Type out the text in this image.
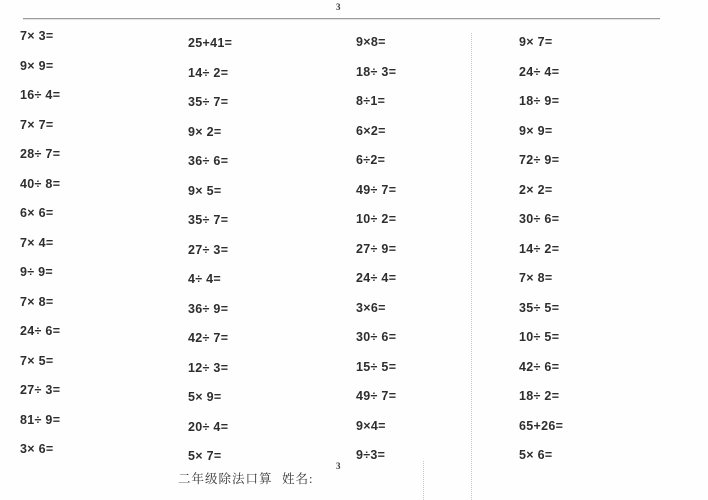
3
7× 3=
9× 9=
16÷ 4=
7× 7=
28÷ 7=
40÷ 8=
6× 6=
7× 4=
9÷ 9=
7× 8=
24÷ 6=
7× 5=
27÷ 3=
81÷ 9=
3× 6=
25+41=
14÷ 2=
35÷ 7=
9× 2=
36÷ 6=
9× 5=
35÷ 7=
27÷ 3=
4÷ 4=
36÷ 9=
42÷ 7=
12÷ 3=
5× 9=
20÷ 4=
5× 7=
9×8=
18÷ 3=
8÷1=
6×2=
6÷2=
49÷ 7=
10÷ 2=
27÷ 9=
24÷ 4=
3×6=
30÷ 6=
15÷ 5=
49÷ 7=
9×4=
9÷3=
9× 7=
24÷ 4=
18÷ 9=
9× 9=
72÷ 9=
2× 2=
30÷ 6=
14÷ 2=
7× 8=
35÷ 5=
10÷ 5=
42÷ 6=
18÷ 2=
65+26=
5× 6=
二年级除法口算 姓名:
3
